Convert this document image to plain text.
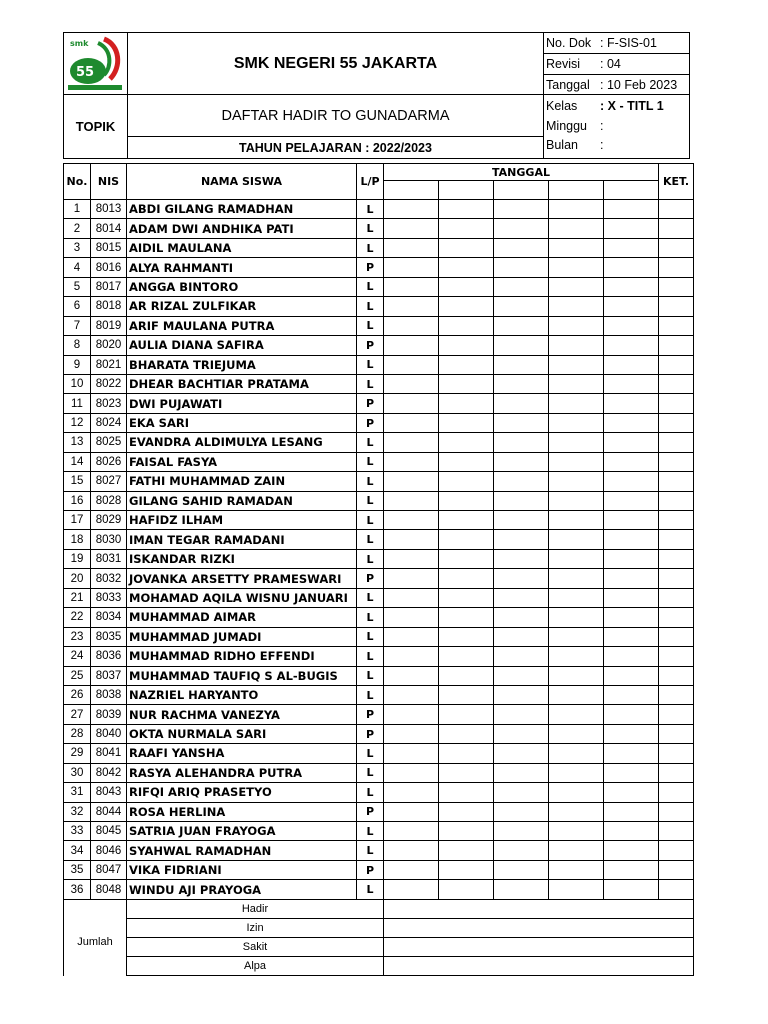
smk
55
SMK NEGERI 55 JAKARTA
No. Dok : F-SIS-01
Revisi : 04
Tanggal : 10 Feb 2023
TOPIK
DAFTAR HADIR TO GUNADARMA
TAHUN PELAJARAN : 2022/2023
Kelas : X - TITL 1
Minggu :
Bulan :
No.	NIS	NAMA SISWA	L/P	TANGGAL					KET.

1	8013	ABDI GILANG RAMADHAN	L						
2	8014	ADAM DWI ANDHIKA PATI	L						
3	8015	AIDIL MAULANA	L						
4	8016	ALYA RAHMANTI	P						
5	8017	ANGGA BINTORO	L						
6	8018	AR RIZAL ZULFIKAR	L						
7	8019	ARIF MAULANA PUTRA	L						
8	8020	AULIA DIANA SAFIRA	P						
9	8021	BHARATA TRIEJUMA	L						
10	8022	DHEAR BACHTIAR PRATAMA	L						
11	8023	DWI PUJAWATI	P						
12	8024	EKA SARI	P						
13	8025	EVANDRA ALDIMULYA LESANG	L						
14	8026	FAISAL FASYA	L						
15	8027	FATHI MUHAMMAD ZAIN	L						
16	8028	GILANG SAHID RAMADAN	L						
17	8029	HAFIDZ ILHAM	L						
18	8030	IMAN TEGAR RAMADANI	L						
19	8031	ISKANDAR RIZKI	L						
20	8032	JOVANKA ARSETTY PRAMESWARI	P						
21	8033	MOHAMAD AQILA WISNU JANUARI	L						
22	8034	MUHAMMAD AIMAR	L						
23	8035	MUHAMMAD JUMADI	L						
24	8036	MUHAMMAD RIDHO EFFENDI	L						
25	8037	MUHAMMAD TAUFIQ S AL-BUGIS	L						
26	8038	NAZRIEL HARYANTO	L						
27	8039	NUR RACHMA VANEZYA	P						
28	8040	OKTA NURMALA SARI	P						
29	8041	RAAFI YANSHA	L						
30	8042	RASYA ALEHANDRA PUTRA	L						
31	8043	RIFQI ARIQ PRASETYO	L						
32	8044	ROSA HERLINA	P						
33	8045	SATRIA JUAN FRAYOGA	L						
34	8046	SYAHWAL RAMADHAN	L						
35	8047	VIKA FIDRIANI	P						
36	8048	WINDU AJI PRAYOGA	L						
Jumlah	Hadir	
	Izin	
	Sakit	
	Alpa	
